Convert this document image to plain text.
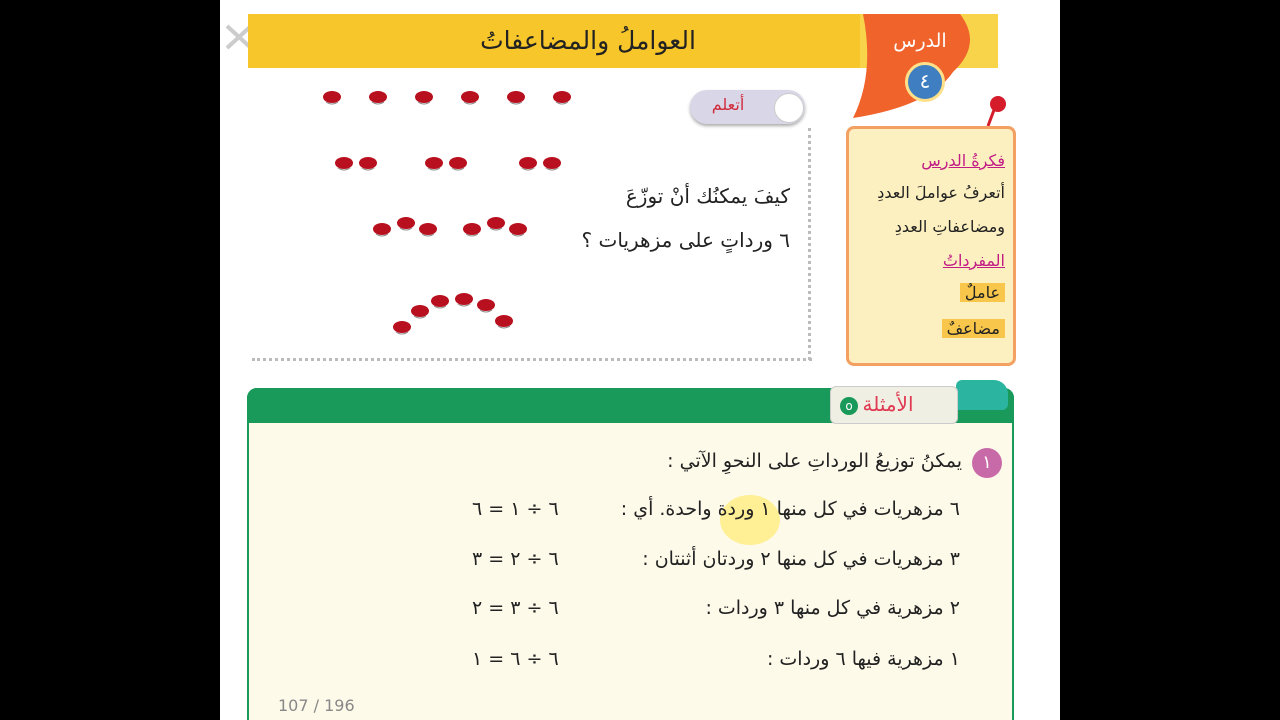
العواملُ والمضاعفاتُ	الدرس
٤
أتعلم
كيفَ يمكنُك أنْ توزّعَ
٦ ورداتٍ على مزهريات ؟
فكرةُ الدرس
أتعرفُ عواملَ العددِ
ومضاعفاتِ العددِ
المفرداتُ
عاملٌ
مضاعفٌ
الأمثلة
o
١
يمكنُ توزيعُ الورداتِ على النحوِ الآتي :
٦ مزهريات في كل منها ١ وردة واحدة. أي :
٦ ÷ ١ = ٦
٣ مزهريات في كل منها ٢ وردتان أثنتان :
٦ ÷ ٢ = ٣
٢ مزهرية في كل منها ٣ وردات :
٦ ÷ ٣ = ٢
١ مزهرية فيها ٦ وردات :
٦ ÷ ٦ = ١
107 / 196
